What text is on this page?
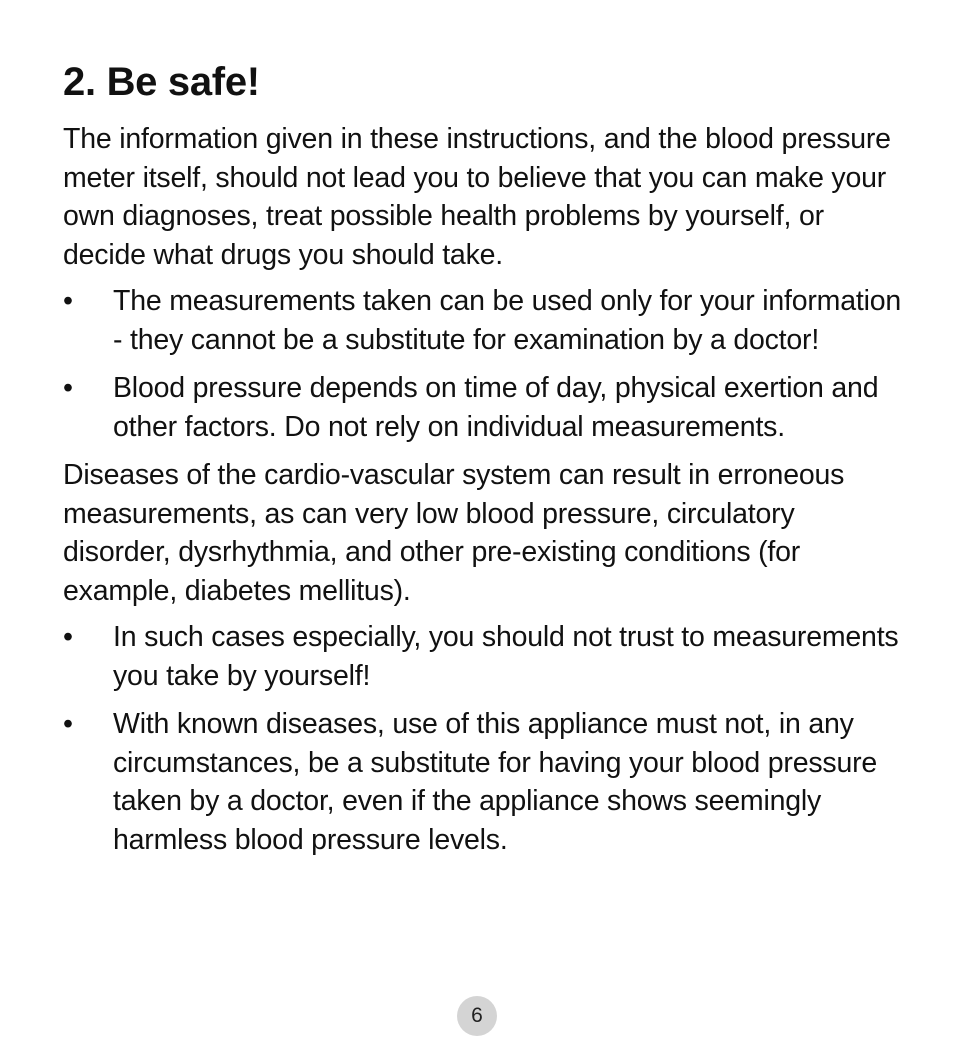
2. Be safe!

The information given in these instructions, and the blood pressure meter itself, should not lead you to believe that you can make your own diagnoses, treat possible health problems by yourself, or decide what drugs you should take.

•	The measurements taken can be used only for your information - they cannot be a substitute for examination by a doctor!
•	Blood pressure depends on time of day, physical exertion and other factors. Do not rely on individual measurements.

Diseases of the cardio-vascular system can result in erroneous measurements, as can very low blood pressure, circulatory disorder, dysrhythmia, and other pre-existing conditions (for example, diabetes mellitus).

•	In such cases especially, you should not trust to measurements you take by yourself!
•	With known diseases, use of this appliance must not, in any circumstances, be a substitute for having your blood pressure taken by a doctor, even if the appliance shows seemingly harmless blood pressure levels.
6
